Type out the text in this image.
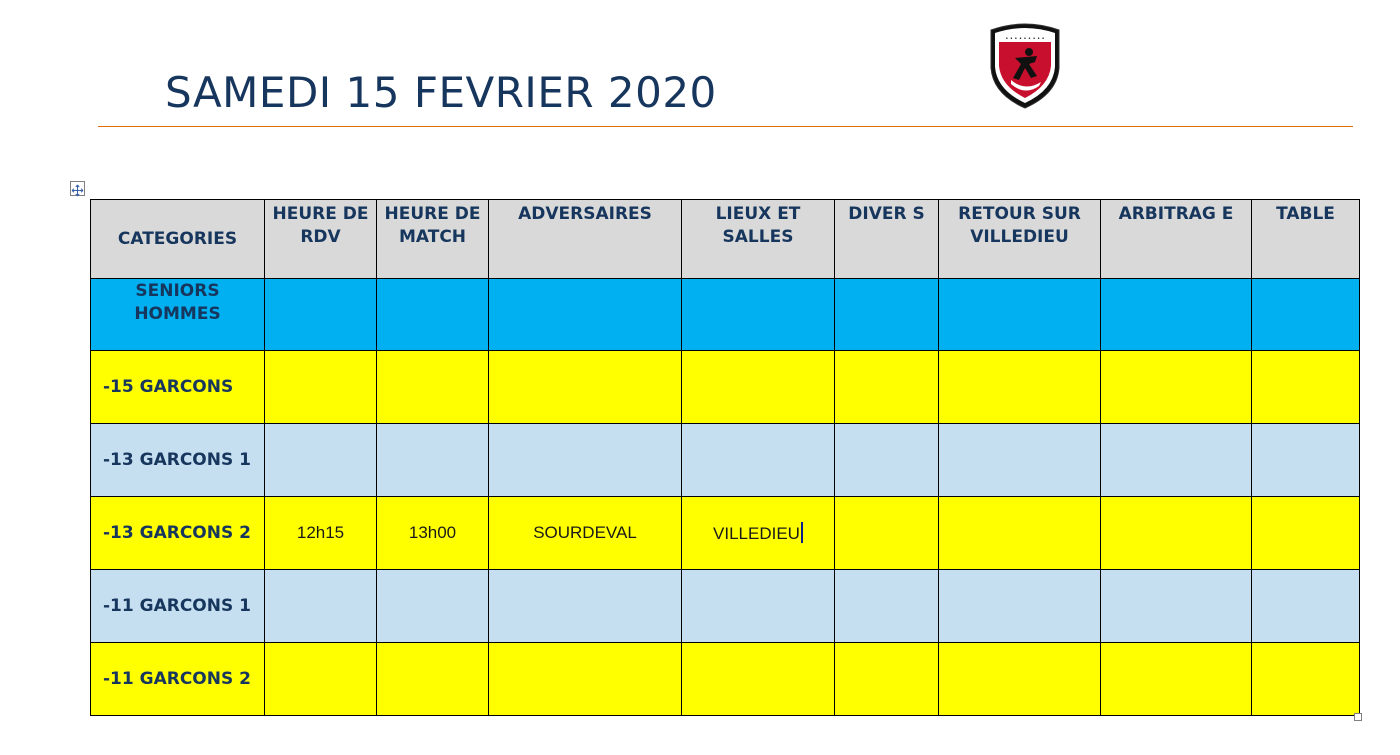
SAMEDI 15 FEVRIER 2020
• • • • • • • • •
CATEGORIES	HEURE DE RDV	HEURE DE MATCH	ADVERSAIRES	LIEUX ET SALLES	DIVER S	RETOUR SUR VILLEDIEU	ARBITRAG E	TABLE
SENIORS HOMMES								
-15 GARCONS								
-13 GARCONS 1								
-13 GARCONS 2	12h15	13h00	SOURDEVAL	VILLEDIEU				
-11 GARCONS 1								
-11 GARCONS 2								
